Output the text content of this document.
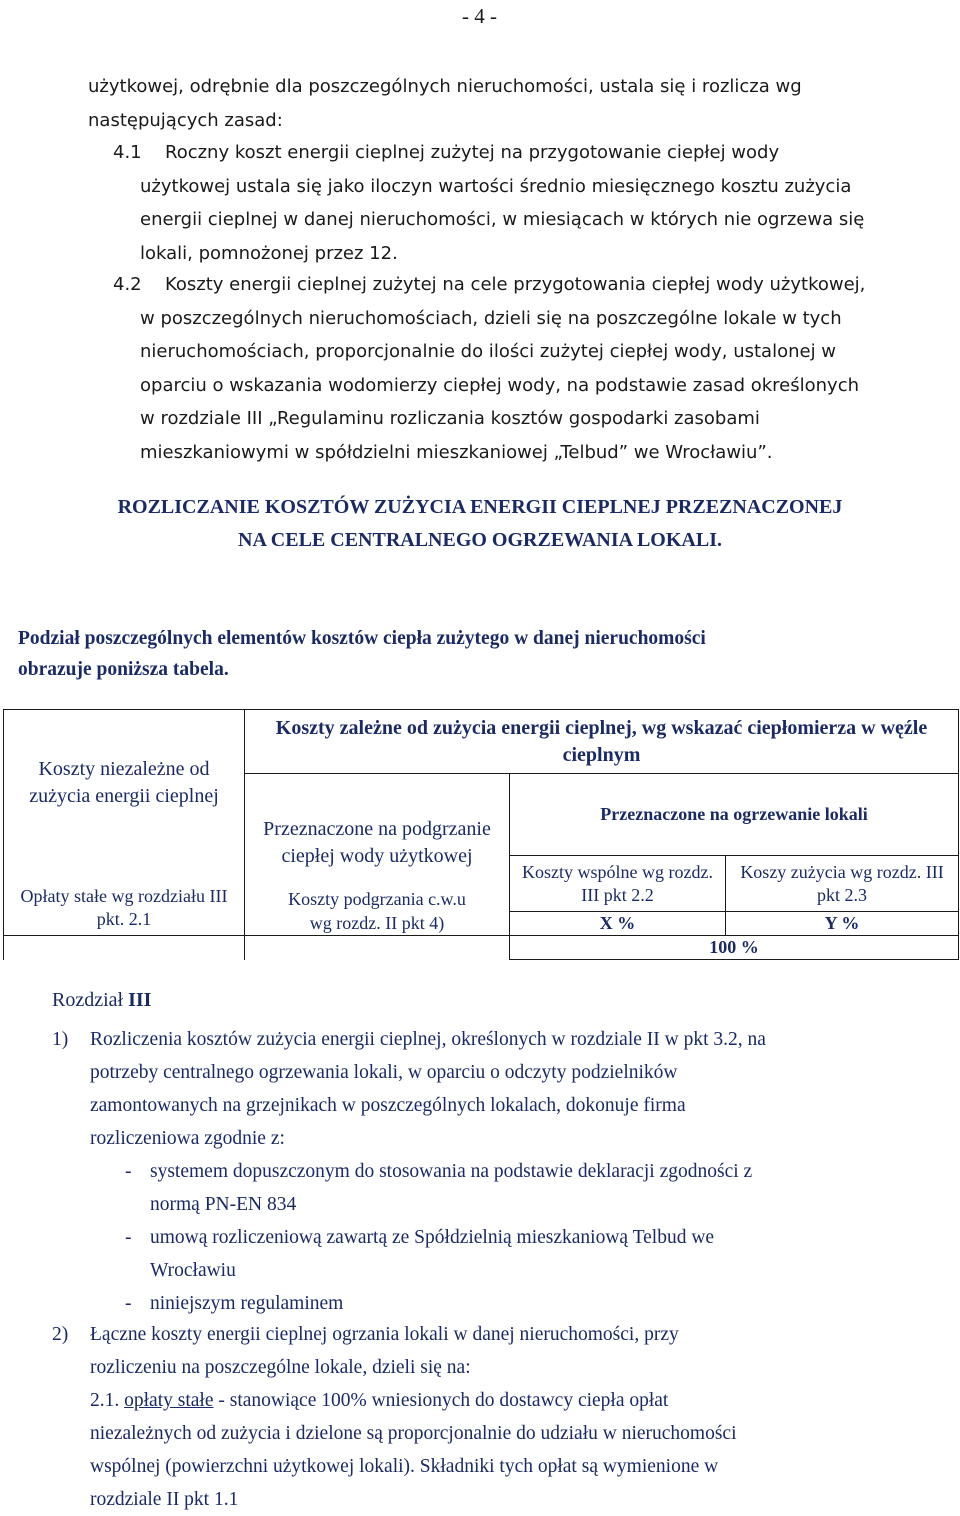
- 4 -
użytkowej, odrębnie dla poszczególnych nieruchomości, ustala się i rozlicza wg
następujących zasad:
4.1	Roczny koszt energii cieplnej zużytej na przygotowanie ciepłej wody
użytkowej ustala się jako iloczyn wartości średnio miesięcznego kosztu zużycia
energii cieplnej w danej nieruchomości, w miesiącach w których nie ogrzewa się
lokali, pomnożonej przez 12.
4.2	Koszty energii cieplnej zużytej na cele przygotowania ciepłej wody użytkowej,
w poszczególnych nieruchomościach, dzieli się na poszczególne lokale w tych
nieruchomościach, proporcjonalnie do ilości zużytej ciepłej wody, ustalonej w
oparciu o wskazania wodomierzy ciepłej wody, na podstawie zasad określonych
w rozdziale III „Regulaminu rozliczania kosztów gospodarki zasobami
mieszkaniowymi w spółdzielni mieszkaniowej „Telbud” we Wrocławiu”.
ROZLICZANIE KOSZTÓW ZUŻYCIA ENERGII CIEPLNEJ PRZEZNACZONEJ
NA CELE CENTRALNEGO OGRZEWANIA LOKALI.
Podział poszczególnych elementów kosztów ciepła zużytego w danej nieruchomości
obrazuje poniższa tabela.
Koszty niezależne od zużycia energii cieplnej	Koszty zależne od zużycia energii cieplnej, wg wskazać ciepłomierza w węźle cieplnym		
	Przeznaczone na podgrzanie ciepłej wody użytkowej	Przeznaczone na ogrzewanie lokali	
Opłaty stałe wg rozdziału III pkt. 2.1		Koszty wspólne wg rozdz. III pkt 2.2	Koszy zużycia wg rozdz. III pkt 2.3

	Koszty podgrzania c.w.u
wg rozdz. II pkt 4)	X %	Y %
		100 %	
Rozdział III
1) Rozliczenia kosztów zużycia energii cieplnej, określonych w rozdziale II w pkt 3.2, na
potrzeby centralnego ogrzewania lokali, w oparciu o odczyty podzielników
zamontowanych na grzejnikach w poszczególnych lokalach, dokonuje firma
rozliczeniowa zgodnie z:
- systemem dopuszczonym do stosowania na podstawie deklaracji zgodności z
normą PN-EN 834
- umową rozliczeniową zawartą ze Spółdzielnią mieszkaniową Telbud we
Wrocławiu
- niniejszym regulaminem
2) Łączne koszty energii cieplnej ogrzania lokali w danej nieruchomości, przy
rozliczeniu na poszczególne lokale, dzieli się na:
2.1. opłaty stałe - stanowiące 100% wniesionych do dostawcy ciepła opłat
niezależnych od zużycia i dzielone są proporcjonalnie do udziału w nieruchomości
wspólnej (powierzchni użytkowej lokali). Składniki tych opłat są wymienione w
rozdziale II pkt 1.1
